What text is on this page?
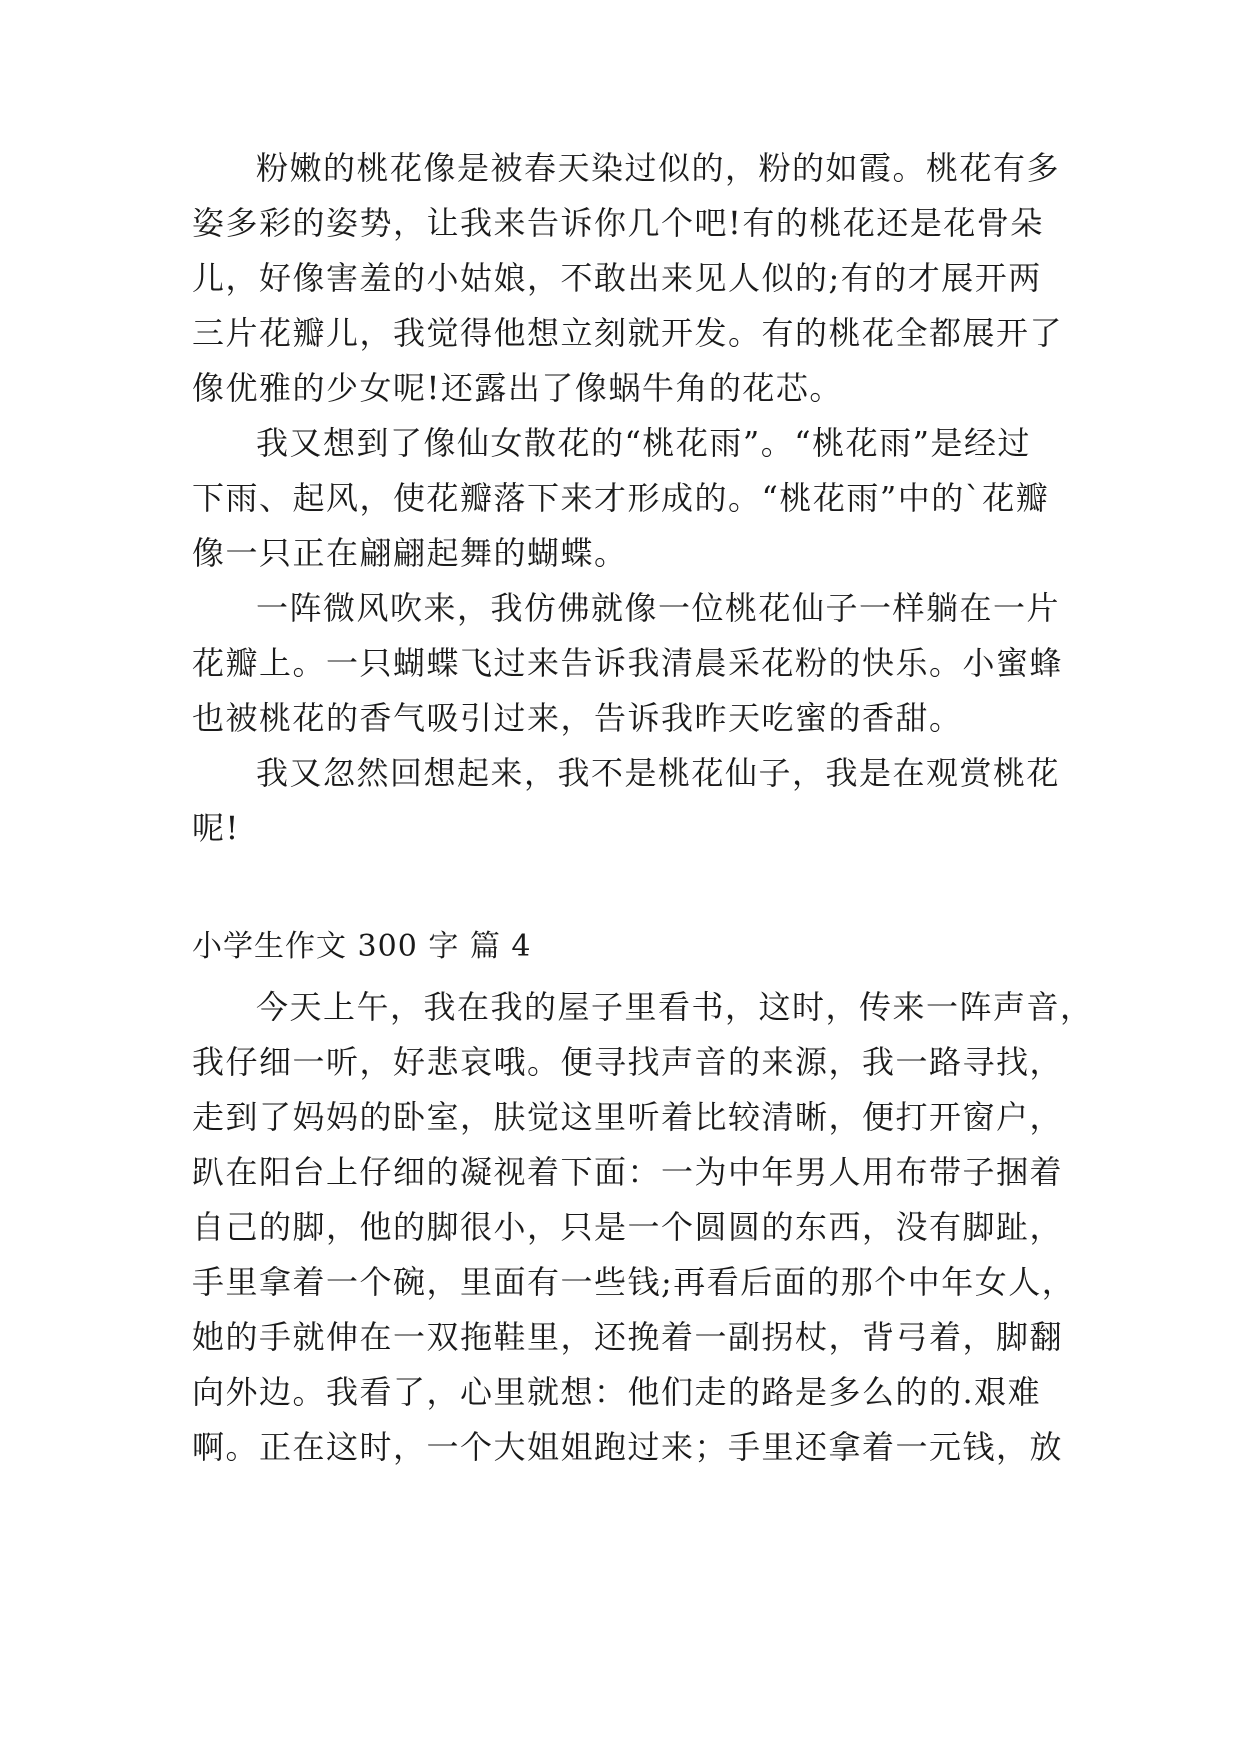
粉嫩的桃花像是被春天染过似的，粉的如霞。桃花有多
姿多彩的姿势，让我来告诉你几个吧!有的桃花还是花骨朵
儿，好像害羞的小姑娘，不敢出来见人似的;有的才展开两
三片花瓣儿，我觉得他想立刻就开发。有的桃花全都展开了
像优雅的少女呢!还露出了像蜗牛角的花芯。
我又想到了像仙女散花的“桃花雨”。“桃花雨”是经过
下雨、起风，使花瓣落下来才形成的。“桃花雨”中的`花瓣
像一只正在翩翩起舞的蝴蝶。
一阵微风吹来，我仿佛就像一位桃花仙子一样躺在一片
花瓣上。一只蝴蝶飞过来告诉我清晨采花粉的快乐。小蜜蜂
也被桃花的香气吸引过来，告诉我昨天吃蜜的香甜。
我又忽然回想起来，我不是桃花仙子，我是在观赏桃花
呢!
小学生作文 300 字 篇 4
今天上午，我在我的屋子里看书，这时，传来一阵声音，
我仔细一听，好悲哀哦。便寻找声音的来源，我一路寻找，
走到了妈妈的卧室，肤觉这里听着比较清晰，便打开窗户，
趴在阳台上仔细的凝视着下面：一为中年男人用布带子捆着
自己的脚，他的脚很小，只是一个圆圆的东西，没有脚趾，
手里拿着一个碗，里面有一些钱;再看后面的那个中年女人，
她的手就伸在一双拖鞋里，还挽着一副拐杖，背弓着，脚翻
向外边。我看了，心里就想：他们走的路是多么的的.艰难
啊。正在这时，一个大姐姐跑过来；手里还拿着一元钱，放
